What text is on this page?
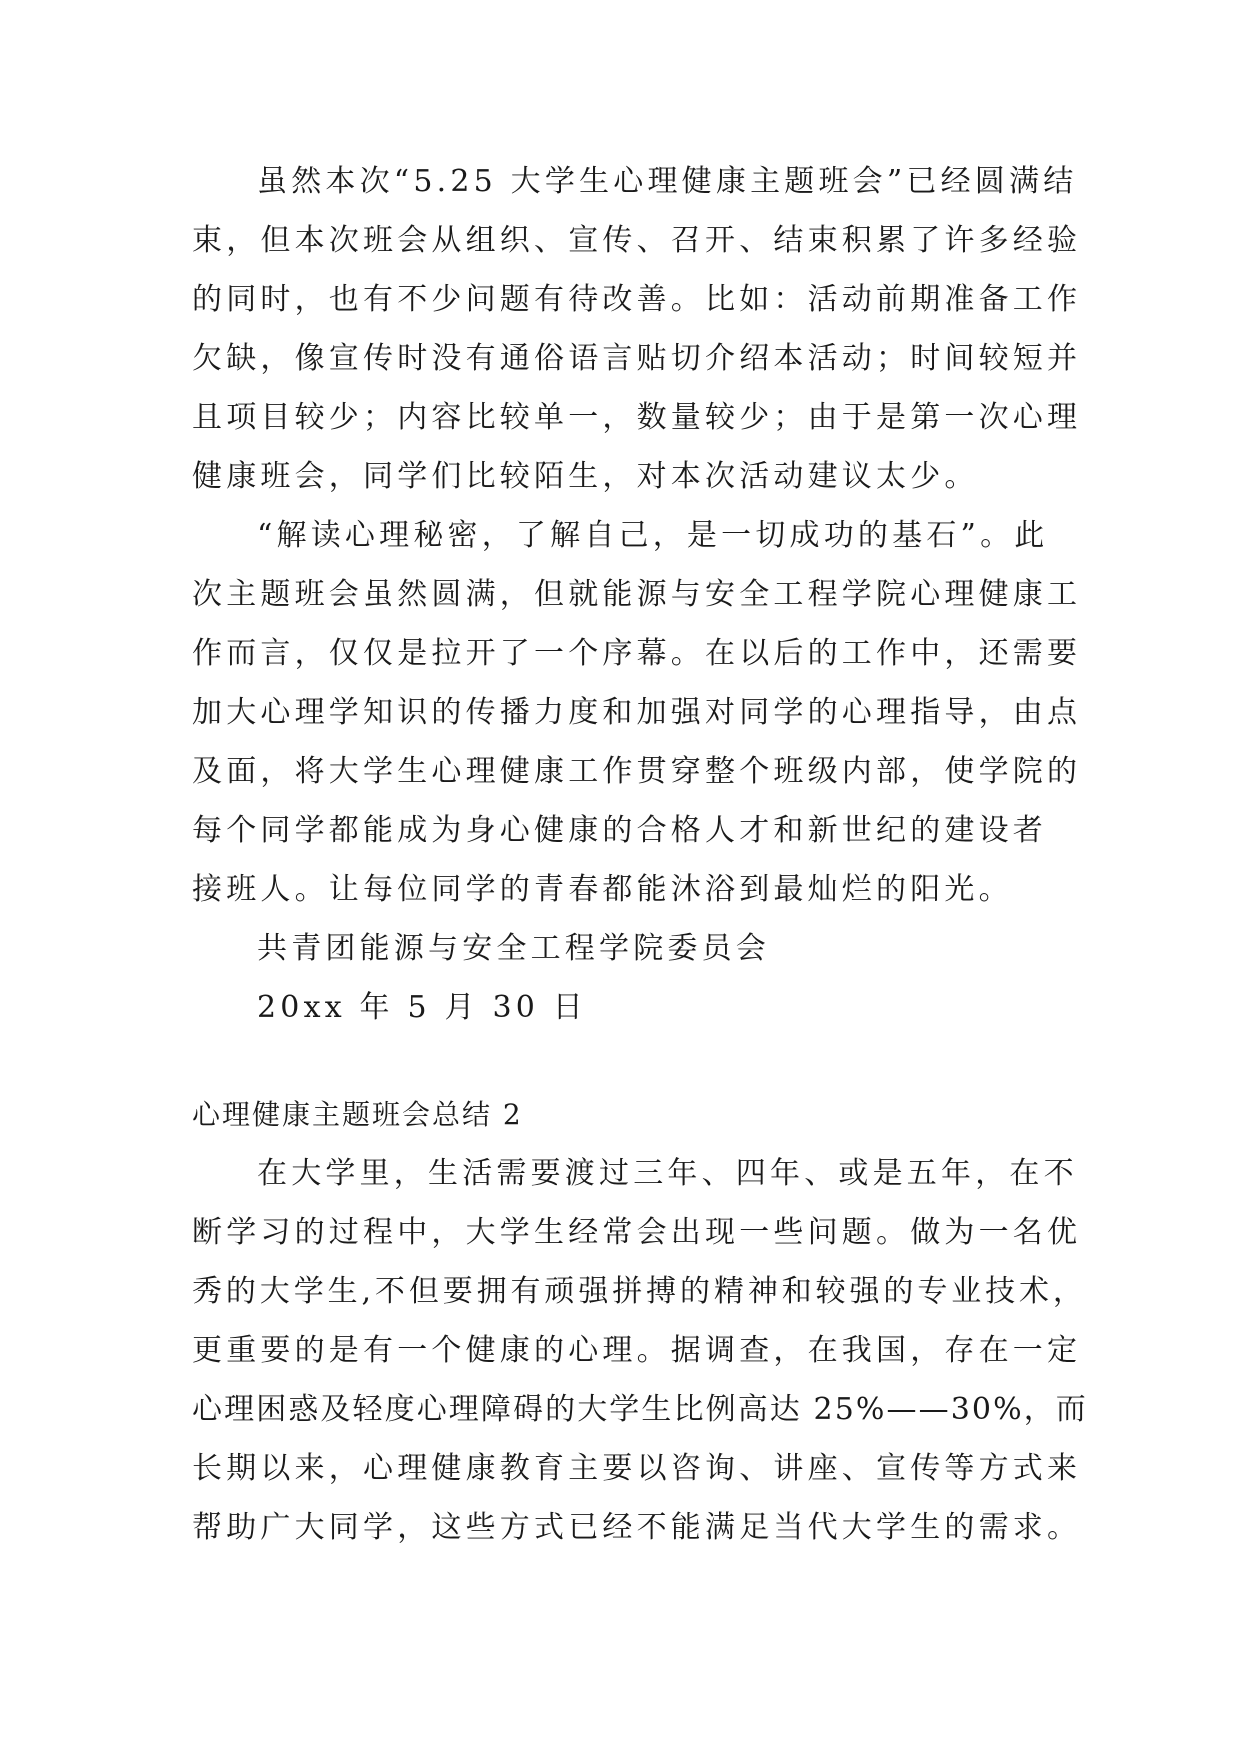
虽然本次“5.25 大学生心理健康主题班会”已经圆满结
束，但本次班会从组织、宣传、召开、结束积累了许多经验
的同时，也有不少问题有待改善。比如：活动前期准备工作
欠缺，像宣传时没有通俗语言贴切介绍本活动；时间较短并
且项目较少；内容比较单一，数量较少；由于是第一次心理
健康班会，同学们比较陌生，对本次活动建议太少。
“解读心理秘密，了解自己，是一切成功的基石”。此
次主题班会虽然圆满，但就能源与安全工程学院心理健康工
作而言，仅仅是拉开了一个序幕。在以后的工作中，还需要
加大心理学知识的传播力度和加强对同学的心理指导，由点
及面，将大学生心理健康工作贯穿整个班级内部，使学院的
每个同学都能成为身心健康的合格人才和新世纪的建设者
接班人。让每位同学的青春都能沐浴到最灿烂的阳光。
共青团能源与安全工程学院委员会
20xx 年 5 月 30 日
心理健康主题班会总结 2
在大学里，生活需要渡过三年、四年、或是五年，在不
断学习的过程中，大学生经常会出现一些问题。做为一名优
秀的大学生,不但要拥有顽强拼搏的精神和较强的专业技术，
更重要的是有一个健康的心理。据调查，在我国，存在一定
心理困惑及轻度心理障碍的大学生比例高达 25%——30%，而
长期以来，心理健康教育主要以咨询、讲座、宣传等方式来
帮助广大同学，这些方式已经不能满足当代大学生的需求。
